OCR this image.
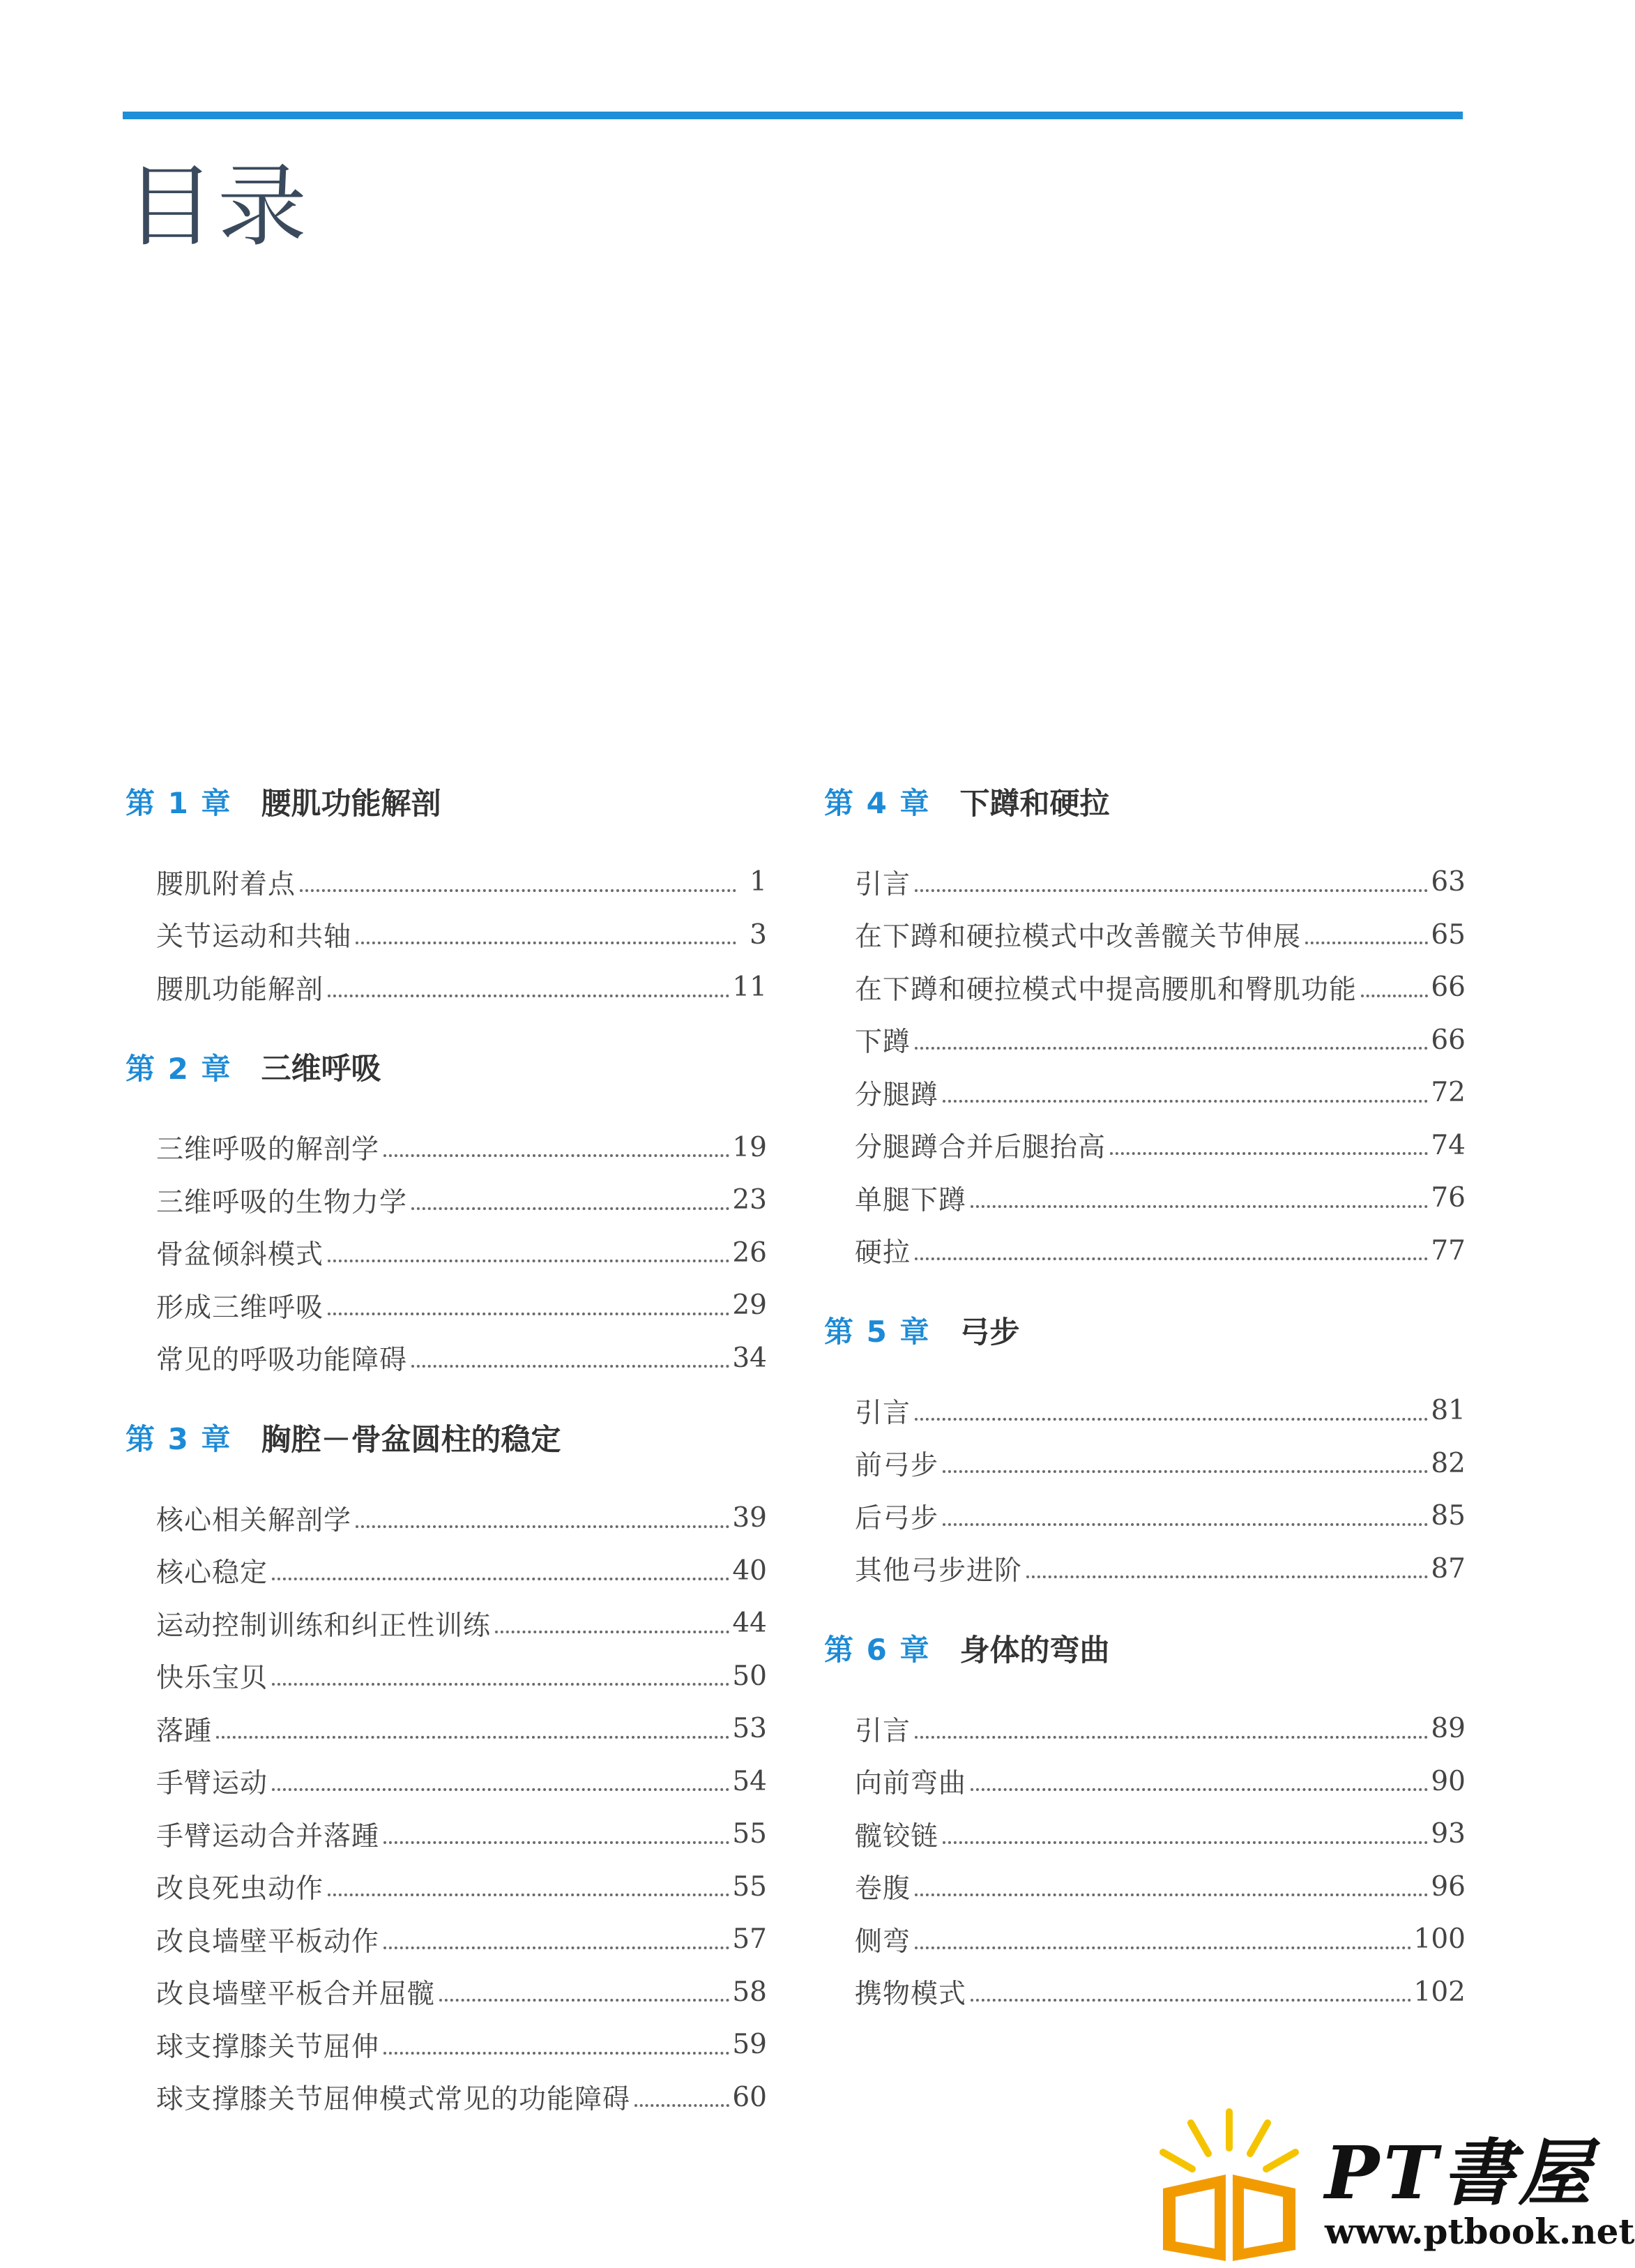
目录
第 1 章 腰肌功能解剖
腰肌附着点	1
关节运动和共轴	3
腰肌功能解剖	11
第 2 章 三维呼吸
三维呼吸的解剖学	19
三维呼吸的生物力学	23
骨盆倾斜模式	26
形成三维呼吸	29
常见的呼吸功能障碍	34
第 3 章 胸腔－骨盆圆柱的稳定
核心相关解剖学	39
核心稳定	40
运动控制训练和纠正性训练	44
快乐宝贝	50
落踵	53
手臂运动	54
手臂运动合并落踵	55
改良死虫动作	55
改良墙壁平板动作	57
改良墙壁平板合并屈髋	58
球支撑膝关节屈伸	59
球支撑膝关节屈伸模式常见的功能障碍	60
第 4 章 下蹲和硬拉
引言	63
在下蹲和硬拉模式中改善髋关节伸展	65
在下蹲和硬拉模式中提高腰肌和臀肌功能	66
下蹲	66
分腿蹲	72
分腿蹲合并后腿抬高	74
单腿下蹲	76
硬拉	77
第 5 章 弓步
引言	81
前弓步	82
后弓步	85
其他弓步进阶	87
第 6 章 身体的弯曲
引言	89
向前弯曲	90
髋铰链	93
卷腹	96
侧弯	100
携物模式	102
PT書屋
www.ptbook.net
